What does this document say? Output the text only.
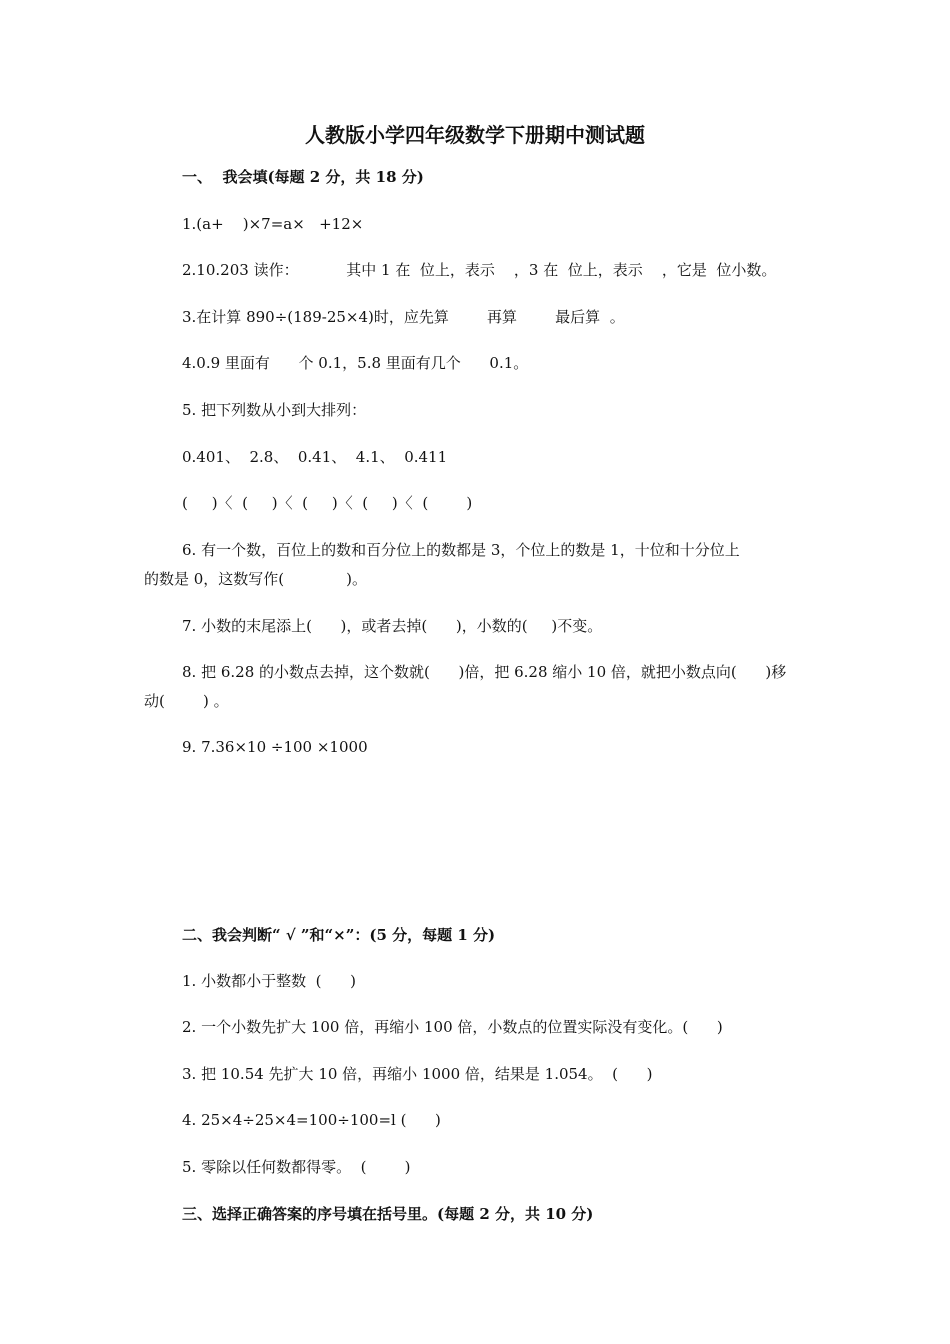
人教版小学四年级数学下册期中测试题
一、  我会填(每题 2 分，共 18 分)
1.(a+    )×7=a×   +12×
2.10.203 读作：          其中 1 在  位上，表示    ，3 在  位上，表示    ，它是  位小数。
3.在计算 890÷(189-25×4)时，应先算        再算        最后算  。
4.0.9 里面有      个 0.1，5.8 里面有几个      0.1。
5. 把下列数从小到大排列：
0.401、  2.8、  0.41、  4.1、  0.411
(     )〈  (     )〈  (     )〈  (     )〈  (        )
6. 有一个数，百位上的数和百分位上的数都是 3，个位上的数是 1，十位和十分位上
的数是 0，这数写作(             )。
7. 小数的末尾添上(      )，或者去掉(      )，小数的(     )不变。
8. 把 6.28 的小数点去掉，这个数就(      )倍，把 6.28 缩小 10 倍，就把小数点向(      )移
动(        ) 。
9. 7.36×10 ÷100 ×1000
二、我会判断“ √ ”和“×”：(5 分，每题 1 分)
1. 小数都小于整数  (      )
2. 一个小数先扩大 100 倍，再缩小 100 倍，小数点的位置实际没有变化。(      )
3. 把 10.54 先扩大 10 倍，再缩小 1000 倍，结果是 1.054。  (      )
4. 25×4÷25×4=100÷100=l (      )
5. 零除以任何数都得零。  (        )
三、选择正确答案的序号填在括号里。(每题 2 分，共 10 分)
